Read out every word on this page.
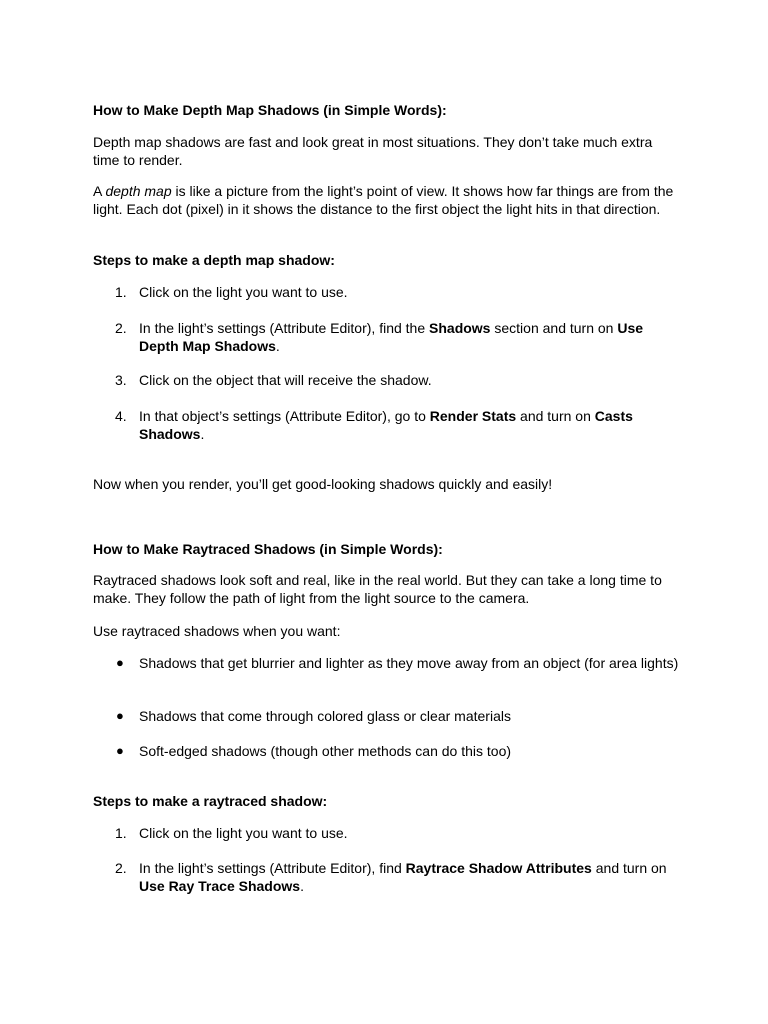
How to Make Depth Map Shadows (in Simple Words):
Depth map shadows are fast and look great in most situations. They don’t take much extra time to render.
A depth map is like a picture from the light’s point of view. It shows how far things are from the light. Each dot (pixel) in it shows the distance to the first object the light hits in that direction.
Steps to make a depth map shadow:
1. Click on the light you want to use.
2. In the light’s settings (Attribute Editor), find the Shadows section and turn on Use Depth Map Shadows.
3. Click on the object that will receive the shadow.
4. In that object’s settings (Attribute Editor), go to Render Stats and turn on Casts Shadows.
Now when you render, you’ll get good-looking shadows quickly and easily!
How to Make Raytraced Shadows (in Simple Words):
Raytraced shadows look soft and real, like in the real world. But they can take a long time to make. They follow the path of light from the light source to the camera.
Use raytraced shadows when you want:
● Shadows that get blurrier and lighter as they move away from an object (for area lights)
● Shadows that come through colored glass or clear materials
● Soft-edged shadows (though other methods can do this too)
Steps to make a raytraced shadow:
1. Click on the light you want to use.
2. In the light’s settings (Attribute Editor), find Raytrace Shadow Attributes and turn on Use Ray Trace Shadows.
